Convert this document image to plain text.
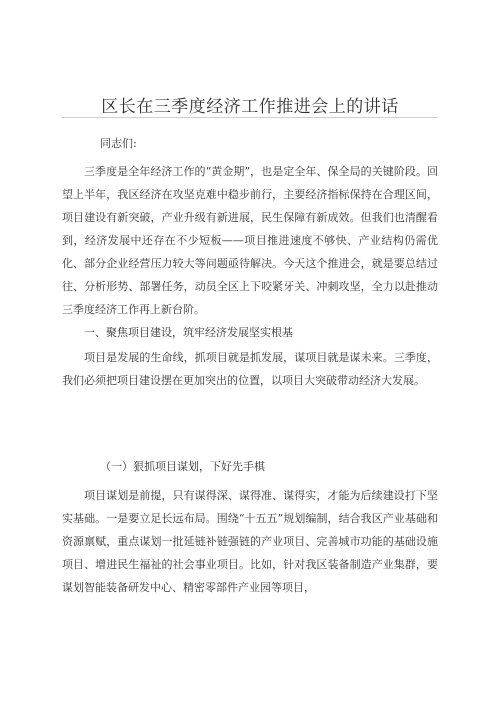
区长在三季度经济工作推进会上的讲话
同志们:
三季度是全年经济工作的“黄金期”，也是定全年、保全局的关键阶段。回望上半年，我区经济在攻坚克难中稳步前行，主要经济指标保持在合理区间，项目建设有新突破，产业升级有新进展，民生保障有新成效。但我们也清醒看到，经济发展中还存在不少短板——项目推进速度不够快、产业结构仍需优化、部分企业经营压力较大等问题亟待解决。今天这个推进会，就是要总结过往、分析形势、部署任务，动员全区上下咬紧牙关、冲刺攻坚，全力以赴推动三季度经济工作再上新台阶。
一、聚焦项目建设，筑牢经济发展坚实根基
项目是发展的生命线，抓项目就是抓发展，谋项目就是谋未来。三季度，我们必须把项目建设摆在更加突出的位置，以项目大突破带动经济大发展。
（一）狠抓项目谋划，下好先手棋
项目谋划是前提，只有谋得深、谋得准、谋得实，才能为后续建设打下坚实基础。一是要立足长远布局。围绕“十五五”规划编制，结合我区产业基础和资源禀赋，重点谋划一批延链补链强链的产业项目、完善城市功能的基础设施项目、增进民生福祉的社会事业项目。比如，针对我区装备制造产业集群，要谋划智能装备研发中心、精密零部件产业园等项目，
